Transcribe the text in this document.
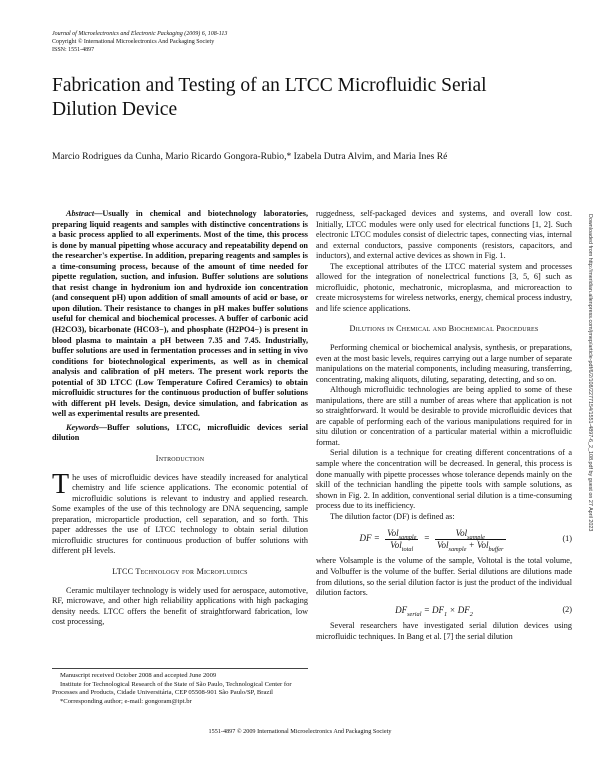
Journal of Microelectronics and Electronic Packaging (2009) 6, 108-113
Copyright © International Microelectronics And Packaging Society
ISSN: 1551-4897
Fabrication and Testing of an LTCC Microfluidic Serial Dilution Device
Marcio Rodrigues da Cunha, Mario Ricardo Gongora-Rubio,* Izabela Dutra Alvim, and Maria Ines Ré

Abstract—Usually in chemical and biotechnology laboratories, preparing liquid reagents and samples with distinctive concentrations is a basic process applied to all experiments. Most of the time, this process is done by manual pipetting whose accuracy and repeatability depend on the researcher's expertise. In addition, preparing reagents and samples is a time-consuming process, because of the amount of time needed for pipette regulation, suction, and infusion. Buffer solutions are solutions that resist change in hydronium ion and hydroxide ion concentration (and consequent pH) upon addition of small amounts of acid or base, or upon dilution. Their resistance to changes in pH makes buffer solutions useful for chemical and biochemical processes. A buffer of carbonic acid (H2CO3), bicarbonate (HCO3−), and phosphate (H2PO4−) is present in blood plasma to maintain a pH between 7.35 and 7.45. Industrially, buffer solutions are used in fermentation processes and in setting in vivo conditions for biotechnological experiments, as well as in chemical analysis and calibration of pH meters. The present work reports the potential of 3D LTCC (Low Temperature Cofired Ceramics) to obtain microfluidic structures for the continuous production of buffer solutions with different pH levels. Design, device simulation, and fabrication as well as experimental results are presented.

Keywords—Buffer solutions, LTCC, microfluidic devices serial dilution

Introduction

The uses of microfluidic devices have steadily increased for analytical chemistry and life science applications. The economic potential of microfluidic solutions is relevant to industry and applied research. Some examples of the use of this technology are DNA sequencing, sample preparation, microparticle production, cell separation, and so forth. This paper addresses the use of LTCC technology to obtain serial dilution microfluidic structures for continuous production of buffer solutions with different pH levels.

LTCC Technology for Microfluidics

Ceramic multilayer technology is widely used for aerospace, automotive, RF, microwave, and other high reliability applications with high packaging density needs. LTCC offers the benefit of straightforward fabrication, low cost processing,

Manuscript received October 2008 and accepted June 2009

Institute for Technological Research of the State of São Paulo, Technological Center for Processes and Products, Cidade Universitária, CEP 05508-901 São Paulo/SP, Brazil

*Corresponding author; e-mail: gongoram@ipt.br

ruggedness, self-packaged devices and systems, and overall low cost. Initially, LTCC modules were only used for electrical functions [1, 2]. Such electronic LTCC modules consist of dielectric tapes, connecting vias, internal and external conductors, passive components (resistors, capacitors, and inductors), and external active devices as shown in Fig. 1.

The exceptional attributes of the LTCC material system and processes allowed for the integration of nonelectrical functions [3, 5, 6] such as microfluidic, photonic, mechatronic, microplasma, and microreaction to create microsystems for wireless networks, energy, chemical process industry, and life science applications.

Dilutions in Chemical and Biochemical Procedures

Performing chemical or biochemical analysis, synthesis, or preparations, even at the most basic levels, requires carrying out a large number of separate manipulations on the material components, including measuring, transferring, concentrating, making aliquots, diluting, separating, detecting, and so on.

Although microfluidic technologies are being applied to some of these manipulations, there are still a number of areas where that application is not so straightforward. It would be desirable to provide microfluidic devices that are capable of performing each of the various manipulations required for in situ dilution or concentration of a particular material within a microfluidic format.

Serial dilution is a technique for creating different concentrations of a sample where the concentration will be decreased. In general, this process is done manually with pipette processes whose tolerance depends mainly on the skill of the technician handling the pipette tools with sample solutions, as shown in Fig. 2. In addition, conventional serial dilution is a time-consuming process due to its inefficiency.

The dilution factor (DF) is defined as:

DF = $\frac{Vol_{sample}}{Vol_{total}} = \frac{Vol_{sample}}{Vol_{sample} + Vol_{buffer}}$	(1)

where Volsample is the volume of the sample, Voltotal is the total volume, and Volbuffer is the volume of the buffer. Serial dilutions are dilutions made from dilutions, so the serial dilution factor is just the product of the individual dilution factors.

$DF_{serial} = DF_1 \times DF_2$
(2)

Several researchers have investigated serial dilution devices using microfluidic techniques. In Bang et al. [7] the serial dilution

Downloaded from http://meridian.allenpress.com/jmep/article-pdf/6/2/108/2277154/1551-4897-6_2_108.pdf by guest on 27 April 2023
1551-4897 © 2009 International Microelectronics And Packaging Society
